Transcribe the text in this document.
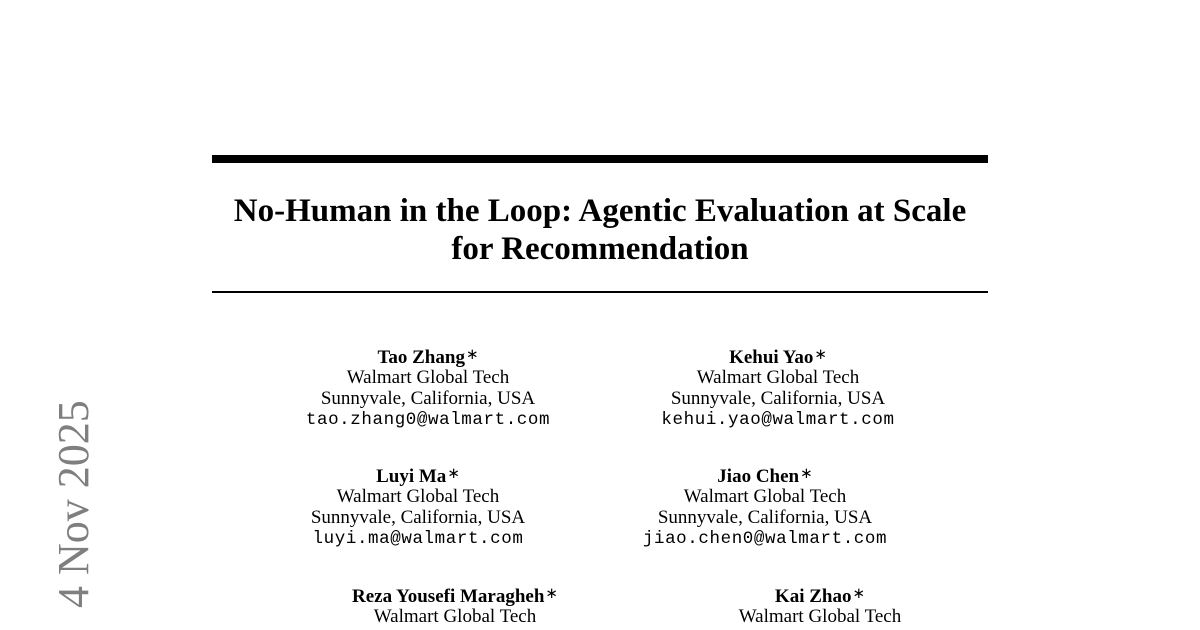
4 Nov 2025
No-Human in the Loop: Agentic Evaluation at Scale
for Recommendation
Tao Zhang∗
Walmart Global Tech
Sunnyvale, California, USA
tao.zhang0@walmart.com
Kehui Yao∗
Walmart Global Tech
Sunnyvale, California, USA
kehui.yao@walmart.com
Luyi Ma∗
Walmart Global Tech
Sunnyvale, California, USA
luyi.ma@walmart.com
Jiao Chen∗
Walmart Global Tech
Sunnyvale, California, USA
jiao.chen0@walmart.com
Reza Yousefi Maragheh∗
Walmart Global Tech
Kai Zhao∗
Walmart Global Tech
